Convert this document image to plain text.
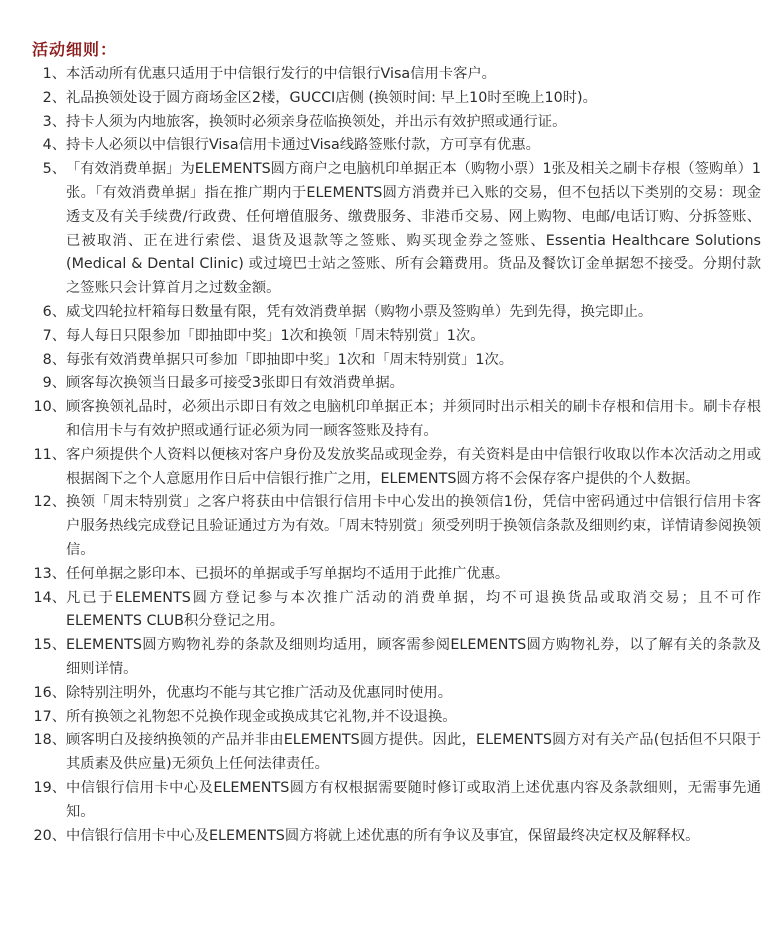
活动细则：
1、 本活动所有优惠只适用于中信银行发行的中信银行Visa信用卡客户。
2、 礼品换领处设于圆方商场金区2楼，GUCCI店侧 (换领时间: 早上10时至晚上10时)。
3、 持卡人须为内地旅客，换领时必须亲身莅临换领处，并出示有效护照或通行证。
4、 持卡人必须以中信银行Visa信用卡通过Visa线路签账付款，方可享有优惠。
5、 「有效消费单据」为ELEMENTS圆方商户之电脑机印单据正本（购物小票）1张及相关之刷卡存根（签购单）1张。「有效消费单据」指在推广期内于ELEMENTS圆方消费并已入账的交易，但不包括以下类别的交易：现金透支及有关手续费/行政费、任何增值服务、缴费服务、非港币交易、网上购物、电邮/电话订购、分拆签账、已被取消、正在进行索偿、退货及退款等之签账、购买现金券之签账、Essentia Healthcare Solutions (Medical & Dental Clinic) 或过境巴士站之签账、所有会籍费用。货品及餐饮订金单据恕不接受。分期付款之签账只会计算首月之过数金额。
6、 威戈四轮拉杆箱每日数量有限，凭有效消费单据（购物小票及签购单）先到先得，换完即止。
7、 每人每日只限参加「即抽即中奖」1次和换领「周末特别赏」1次。
8、 每张有效消费单据只可参加「即抽即中奖」1次和「周末特别赏」1次。
9、 顾客每次换领当日最多可接受3张即日有效消费单据。
10、 顾客换领礼品时，必须出示即日有效之电脑机印单据正本；并须同时出示相关的刷卡存根和信用卡。刷卡存根和信用卡与有效护照或通行证必须为同一顾客签账及持有。
11、 客户须提供个人资料以便核对客户身份及发放奖品或现金券，有关资料是由中信银行收取以作本次活动之用或根据阁下之个人意愿用作日后中信银行推广之用，ELEMENTS圆方将不会保存客户提供的个人数据。
12、 换领「周末特别赏」之客户将获由中信银行信用卡中心发出的换领信1份，凭信中密码通过中信银行信用卡客户服务热线完成登记且验证通过方为有效。「周末特别赏」须受列明于换领信条款及细则约束，详情请参阅换领信。
13、 任何单据之影印本、已损坏的单据或手写单据均不适用于此推广优惠。
14、 凡已于ELEMENTS圆方登记参与本次推广活动的消费单据，均不可退换货品或取消交易；且不可作ELEMENTS CLUB积分登记之用。
15、 ELEMENTS圆方购物礼券的条款及细则均适用，顾客需参阅ELEMENTS圆方购物礼券，以了解有关的条款及细则详情。
16、 除特别注明外，优惠均不能与其它推广活动及优惠同时使用。
17、 所有换领之礼物恕不兑换作现金或换成其它礼物,并不设退换。
18、 顾客明白及接纳换领的产品并非由ELEMENTS圆方提供。因此，ELEMENTS圆方对有关产品(包括但不只限于其质素及供应量)无须负上任何法律责任。
19、 中信银行信用卡中心及ELEMENTS圆方有权根据需要随时修订或取消上述优惠内容及条款细则，无需事先通知。
20、 中信银行信用卡中心及ELEMENTS圆方将就上述优惠的所有争议及事宜，保留最终决定权及解释权。
